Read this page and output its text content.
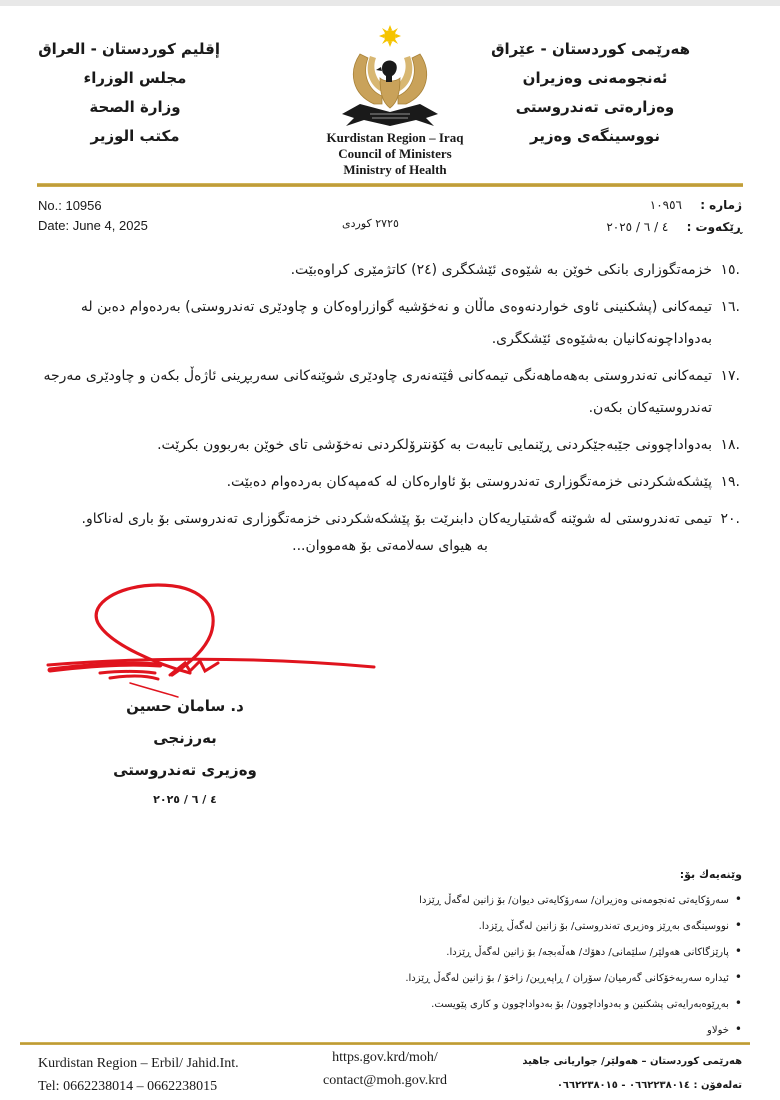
إقليم كوردستان - العراق
مجلس الوزراء
وزارة الصحة
مكتب الوزير	Kurdistan Region – Iraq
Council of Ministers
Ministry of Health
هەرێمی کوردستان - عێراق
ئەنجومەنی وەزیران
وەزارەتی تەندروستی
نووسینگەی وەزیر
No.: 10956
Date: June 4, 2025	٢٧٢٥ کوردی
ژمارە : ١٠٩٥٦
ڕێکەوت : ٤ / ٦ / ٢٠٢٥
.١٥
خزمەتگوزاری بانکی خوێن بە شێوەی ئێشکگری (٢٤) کاتژمێری کراوەبێت.
.١٦
تیمەکانی (پشکنینی ئاوی خواردنەوەی ماڵان و نەخۆشیە گوازراوەکان و چاودێری تەندروستی) بەردەوام دەبن لە بەدواداچونەکانیان بەشێوەی ئێشکگری.
.١٧
تیمەکانی تەندروستی بەهەماهەنگی تیمەکانی ڤێتەنەری چاودێری شوێنەکانی سەربڕینی ئاژەڵ بکەن و چاودێری مەرجە تەندروستیەکان بکەن.
.١٨
بەدواداچوونی جێبەجێکردنی ڕێنمایی تایبەت بە کۆنترۆلکردنی نەخۆشی تای خوێن بەربوون بکرێت.
.١٩
پێشکەشکردنی خزمەتگوزاری تەندروستی بۆ ئاوارەکان لە کەمپەکان بەردەوام دەبێت.
.٢٠
تیمی تەندروستی لە شوێنە گەشتیاریەکان دابنرێت بۆ پێشکەشکردنی خزمەتگوزاری تەندروستی بۆ باری لەناکاو.
بە هیوای سەلامەتی بۆ هەمووان...
د. سامان حسین بەرزنجی
وەزیری تەندروستی
٤ / ٦ / ٢٠٢٥
وێنەیەك بۆ:
• سەرۆکایەتی ئەنجومەنی وەزیران/ سەرۆکایەتی دیوان/ بۆ زانین لەگەڵ ڕێزدا
• نووسینگەی بەڕێز وەزیری تەندروستی/ بۆ زانین لەگەڵ ڕێزدا.
• پارێزگاکانی هەولێر/ سلێمانی/ دهۆك/ هەڵەبجە/ بۆ زانین لەگەڵ ڕێزدا.
• ئیدارە سەربەخۆکانی گەرمیان/ سۆران / ڕاپەڕین/ زاخۆ / بۆ زانین لەگەڵ ڕێزدا.
• بەڕێوەبەرایەتی پشکنین و بەدواداچوون/ بۆ بەدواداچوون و کاری پێویست.
• خولاو
Kurdistan Region – Erbil/ Jahid.Int.
Tel: 0662238014 – 0662238015
https.gov.krd/moh/
contact@moh.gov.krd
هەرێمی کوردستان – هەولێر/ جواریانی جاهید
تەلەفۆن : ٠٦٦٢٢٣٨٠١٤ - ٠٦٦٢٢٣٨٠١٥
